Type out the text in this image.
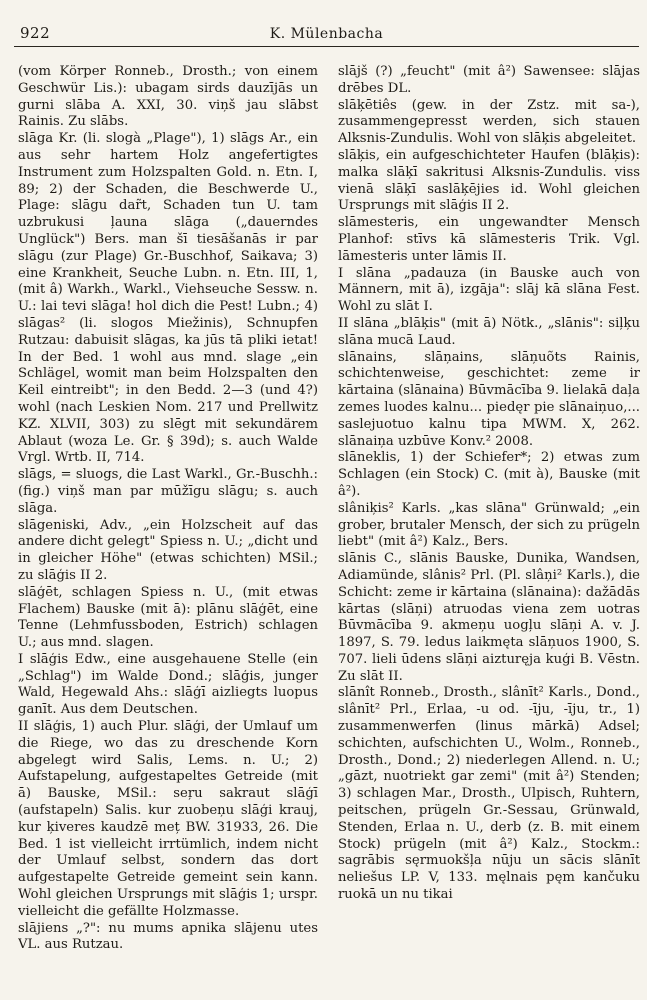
922	K. Mülenbacha

(vom Körper Ronneb., Drosth.; von einem Geschwür Lis.): ubagam sirds dauzījās un gurni slāba A. XXI, 30. viņš jau slābst Rainis. Zu slābs.

slāga Kr. (li. slogà „Plage"), 1) slāgs Ar., ein aus sehr hartem Holz angefertigtes Instrument zum Holzspalten Gold. n. Etn. I, 89; 2) der Schaden, die Beschwerde U., Plage: slāgu dar̃t, Schaden tun U. tam uzbrukusi ļauna slāga („dauerndes Unglück") Bers. man šī tiesāšanās ir par slāgu (zur Plage) Gr.-Buschhof, Saikava; 3) eine Krankheit, Seuche Lubn. n. Etn. III, 1, (mit â) Warkh., Warkl., Viehseuche Sessw. n. U.: lai tevi slāga! hol dich die Pest! Lubn.; 4) slāgas² (li. slogos Miežinis), Schnupfen Rutzau: dabuisit slāgas, ka jūs tā pliki ietat! In der Bed. 1 wohl aus mnd. slage „ein Schlägel, womit man beim Holzspalten den Keil eintreibt"; in den Bedd. 2—3 (und 4?) wohl (nach Leskien Nom. 217 und Prellwitz KZ. XLVII, 303) zu slēgt mit sekundärem Ablaut (woza Le. Gr. § 39d); s. auch Walde Vrgl. Wrtb. II, 714.

slāgs, = sluogs, die Last Warkl., Gr.-Buschh.: (fig.) viņš man par mūžīgu slāgu; s. auch slāga.

slāgeniski, Adv., „ein Holzscheit auf das andere dicht gelegt" Spiess n. U.; „dicht und in gleicher Höhe" (etwas schichten) MSil.; zu slāģis II 2.

slāģēt, schlagen Spiess n. U., (mit etwas Flachem) Bauske (mit ā): plānu slāģēt, eine Tenne (Lehmfussboden, Estrich) schlagen U.; aus mnd. slagen.

I slāģis Edw., eine ausgehauene Stelle (ein „Schlag") im Walde Dond.; slāģis, junger Wald, Hegewald Ahs.: slāģī aizliegts luopus ganīt. Aus dem Deutschen.

II slāģis, 1) auch Plur. slāģi, der Umlauf um die Riege, wo das zu dreschende Korn abgelegt wird Salis, Lems. n. U.; 2) Aufstapelung, aufgestapeltes Getreide (mit ā) Bauske, MSil.: seŗu sakraut slāģī (aufstapeln) Salis. kur zuobeņu slāģi krauj, kur ķiveres kaudzē meț BW. 31933, 26. Die Bed. 1 ist vielleicht irrtümlich, indem nicht der Umlauf selbst, sondern das dort aufgestapelte Getreide gemeint sein kann. Wohl gleichen Ursprungs mit slāģis 1; urspr. vielleicht die gefällte Holzmasse.

slājiens „?": nu mums apnika slājenu utes VL. aus Rutzau.

slājš (?) „feucht" (mit â²) Sawensee: slājas drēbes DL.

slāķētiês (gew. in der Zstz. mit sa-), zusammengepresst werden, sich stauen Alksnis-Zundulis. Wohl von slāķis abgeleitet.

slāķis, ein aufgeschichteter Haufen (blāķis): malka slāķī sakritusi Alksnis-Zundulis. viss vienā slāķī saslāķējies id. Wohl gleichen Ursprungs mit slāģis II 2.

slāmesteris, ein ungewandter Mensch Planhof: stīvs kā slāmesteris Trik. Vgl. lāmesteris unter lāmis II.

I slāna „padauza (in Bauske auch von Männern, mit ā), izgāja": slāj kā slāna Fest. Wohl zu slāt I.

II slāna „blāķis" (mit ā) Nötk., „slānis": siļķu slāna mucā Laud.

slānains, slāņains, slāņuõts Rainis, schichtenweise, geschichtet: zeme ir kārtaina (slānaina) Būvmācība 9. lielakā daļa zemes luodes kalnu... piedęr pie slānaiņuo,... saslejuotuo kalnu tipa MWM. X, 262. slānaiņa uzbūve Konv.² 2008.

slāneklis, 1) der Schiefer*; 2) etwas zum Schlagen (ein Stock) C. (mit à), Bauske (mit â²).

slâniķis² Karls. „kas slāna" Grünwald; „ein grober, brutaler Mensch, der sich zu prügeln liebt" (mit â²) Kalz., Bers.

slānis C., slānis Bauske, Dunika, Wandsen, Adiamünde, slânis² Prl. (Pl. slâņi² Karls.), die Schicht: zeme ir kārtaina (slānaina): dažādās kārtas (slāņi) atruodas viena zem uotras Būvmācība 9. akmeņu uogļu slāņi A. v. J. 1897, S. 79. ledus laikmęta slāņuos 1900, S. 707. lieli ūdens slāņi aizturęja kuģi B. Vēstn. Zu slāt II.

slānît Ronneb., Drosth., slânīt² Karls., Dond., slânīt² Prl., Erlaa, -u od. -īju, -īju, tr., 1) zusammenwerfen (linus mārkā) Adsel; schichten, aufschichten U., Wolm., Ronneb., Drosth., Dond.; 2) niederlegen Allend. n. U.; „gāzt, nuotriekt gar zemi" (mit â²) Stenden; 3) schlagen Mar., Drosth., Ulpisch, Ruhtern, peitschen, prügeln Gr.-Sessau, Grünwald, Stenden, Erlaa n. U., derb (z. B. mit einem Stock) prügeln (mit â²) Kalz., Stockm.: sagrābis sęrmuokšļa nūju un sācis slānīt neliešus LP. V, 133. męlnais pęm kančuku ruokā un nu tikai
